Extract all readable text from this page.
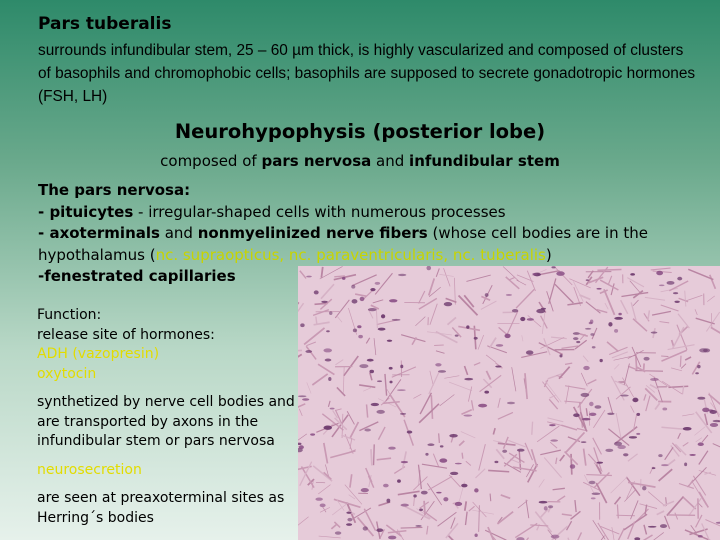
Pars tuberalis
surrounds infundibular stem, 25 – 60 µm thick, is highly vascularized and composed of clusters of basophils and chromophobic cells; basophils are supposed to secrete gonadotropic hormones (FSH, LH)
Neurohypophysis (posterior lobe)
composed of pars nervosa and infundibular stem
The pars nervosa:
- pituicytes - irregular-shaped cells with numerous processes
- axoterminals and nonmyelinized nerve fibers (whose cell bodies are in the hypothalamus (nc. supraopticus, nc. paraventricularis, nc. tuberalis)
-fenestrated capillaries
Function:
release site of hormones:
ADH (vazopresin)
oxytocin
synthetized by nerve cell bodies and are transported by axons in the infundibular stem or pars nervosa
neurosecretion
are seen at preaxoterminal sites as Herring´s bodies
